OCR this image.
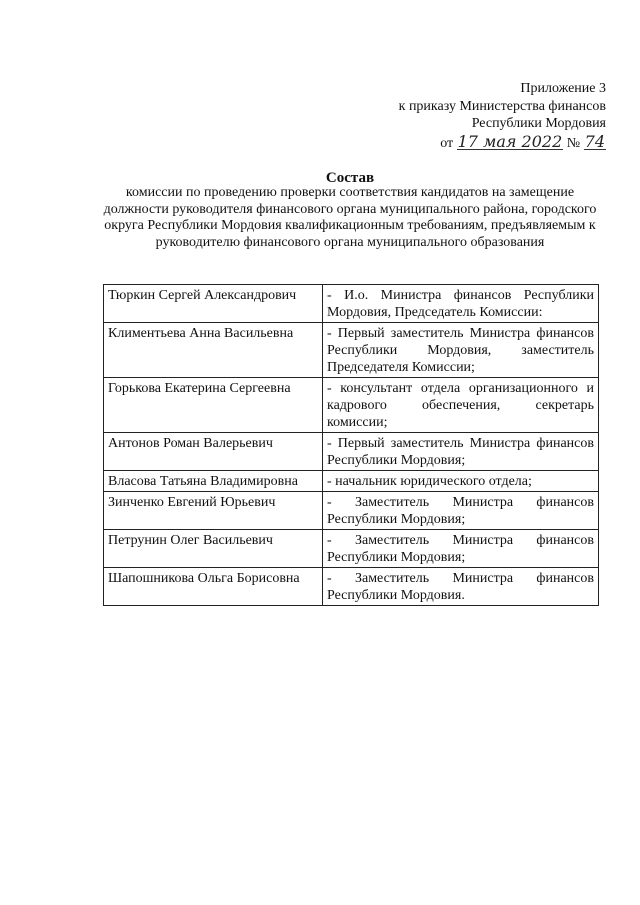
Приложение 3
к приказу Министерства финансов
Республики Мордовия
от 17 мая 2022 № 74
Состав
комиссии по проведению проверки соответствия кандидатов на замещение должности руководителя финансового органа муниципального района, городского округа Республики Мордовия квалификационным требованиям, предъявляемым к руководителю финансового органа муниципального образования
Тюркин Сергей Александрович	- И.о. Министра финансов Республики Мордовия, Председатель Комиссии:
Климентьева Анна Васильевна	- Первый заместитель Министра финансов Республики Мордовия, заместитель Председателя Комиссии;
Горькова Екатерина Сергеевна	- консультант отдела организационного и кадрового обеспечения, секретарь комиссии;
Антонов Роман Валерьевич	- Первый заместитель Министра финансов Республики Мордовия;
Власова Татьяна Владимировна	- начальник юридического отдела;
Зинченко Евгений Юрьевич	- Заместитель Министра финансов Республики Мордовия;
Петрунин Олег Васильевич	- Заместитель Министра финансов Республики Мордовия;
Шапошникова Ольга Борисовна	- Заместитель Министра финансов Республики Мордовия.
